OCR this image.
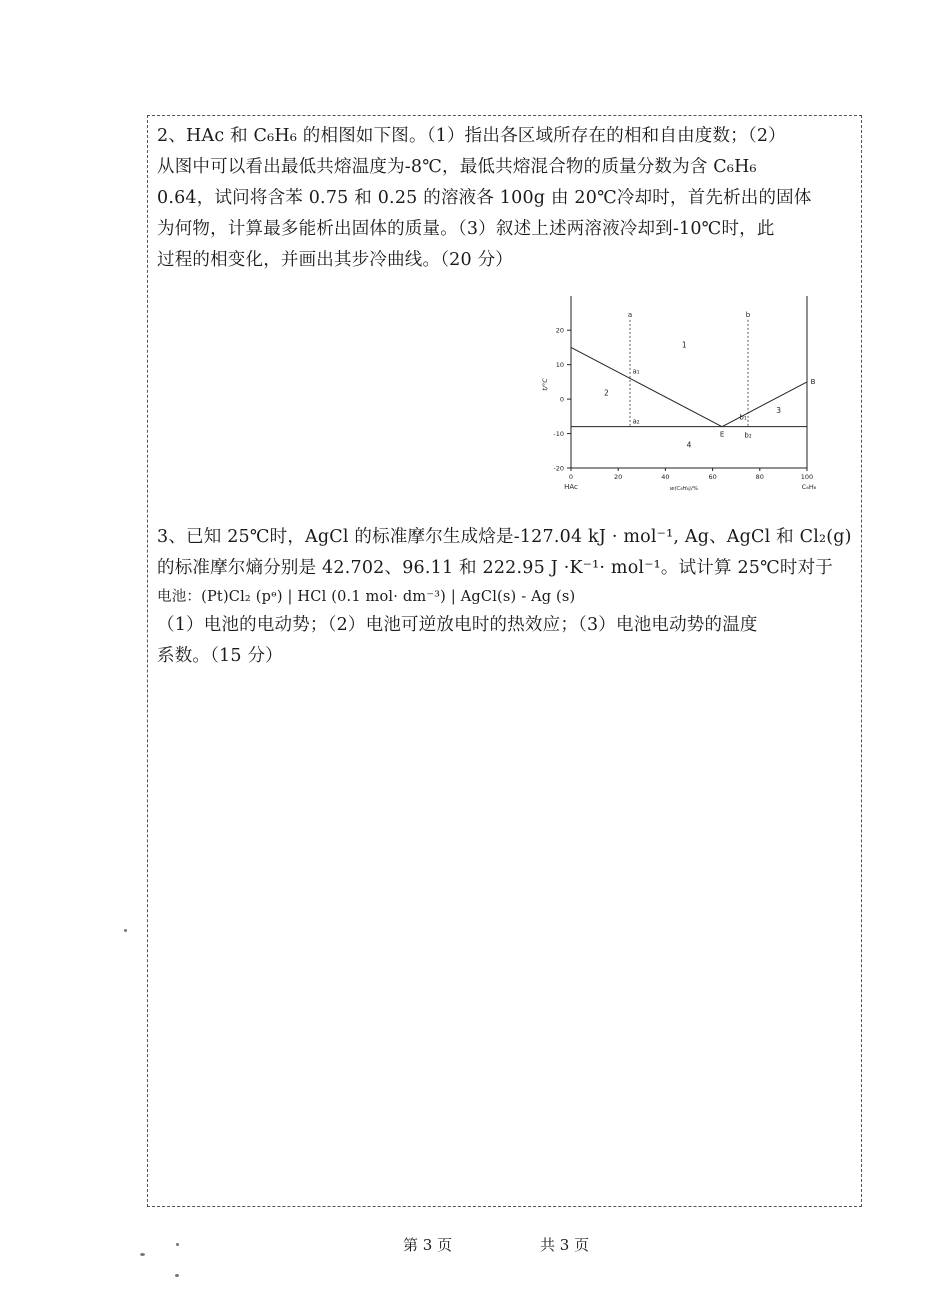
2、HAc 和 C₆H₆ 的相图如下图。（1）指出各区域所存在的相和自由度数；（2）
从图中可以看出最低共熔温度为-8℃，最低共熔混合物的质量分数为含 C₆H₆
0.64，试问将含苯 0.75 和 0.25 的溶液各 100g 由 20℃冷却时，首先析出的固体
为何物，计算最多能析出固体的质量。（3）叙述上述两溶液冷却到-10℃时，此
过程的相变化，并画出其步冷曲线。（20 分）
-20
-10
0
10
20
0	20	40	60	80	100
HAc	C₆H₆
w(C₆H₆)/%
t/°C
a	b
a₁
a₂
b₁
b₂
E
B
1
2
3
4
3、已知 25℃时，AgCl 的标准摩尔生成焓是-127.04 kJ · mol⁻¹, Ag、AgCl 和 Cl₂(g)
的标准摩尔熵分别是 42.702、96.11 和 222.95 J ·K⁻¹· mol⁻¹。试计算 25℃时对于
电池：(Pt)Cl₂ (pᶱ) | HCl (0.1 mol· dm⁻³) | AgCl(s) - Ag (s)
（1）电池的电动势；（2）电池可逆放电时的热效应；（3）电池电动势的温度
系数。（15 分）
第 3 页	共 3 页
